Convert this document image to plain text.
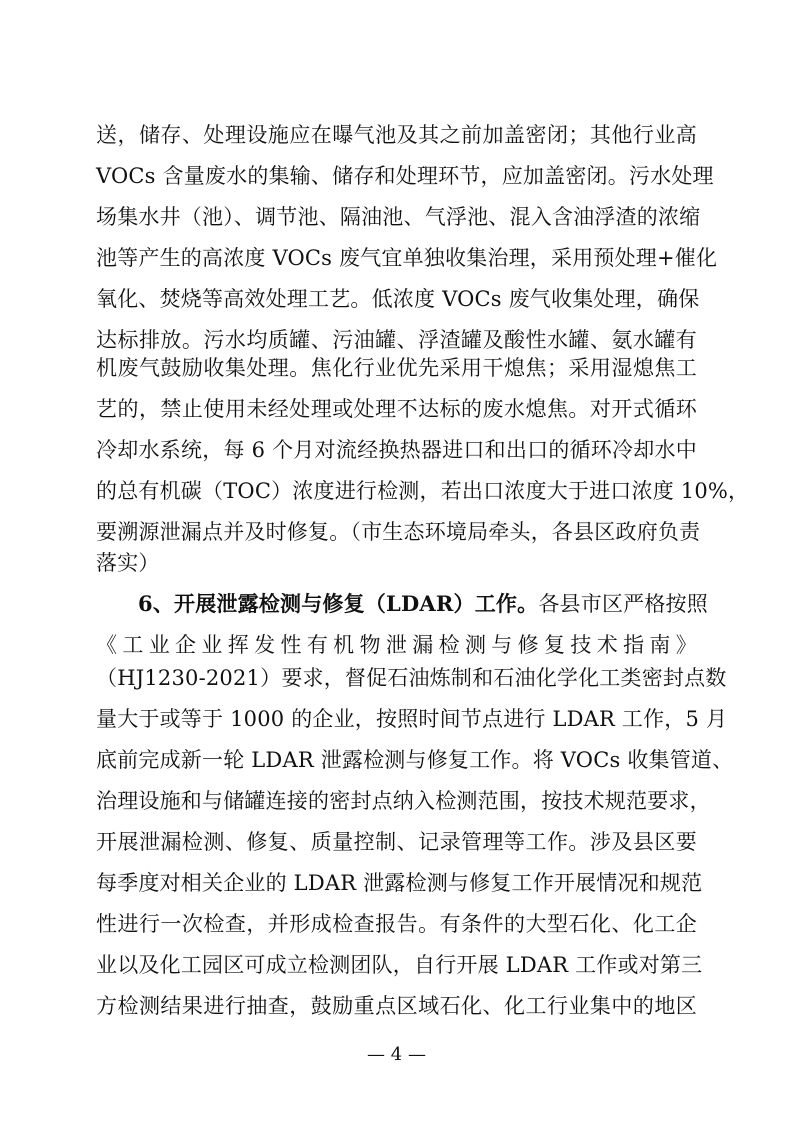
送，储存、处理设施应在曝气池及其之前加盖密闭；其他行业高
VOCs 含量废水的集输、储存和处理环节，应加盖密闭。污水处理
场集水井（池）、调节池、隔油池、气浮池、混入含油浮渣的浓缩
池等产生的高浓度 VOCs 废气宜单独收集治理，采用预处理+催化
氧化、焚烧等高效处理工艺。低浓度 VOCs 废气收集处理，确保
达标排放。污水均质罐、污油罐、浮渣罐及酸性水罐、氨水罐有
机废气鼓励收集处理。焦化行业优先采用干熄焦；采用湿熄焦工
艺的，禁止使用未经处理或处理不达标的废水熄焦。对开式循环
冷却水系统，每 6 个月对流经换热器进口和出口的循环冷却水中
的总有机碳（TOC）浓度进行检测，若出口浓度大于进口浓度 10%，
要溯源泄漏点并及时修复。（市生态环境局牵头，各县区政府负责
落实）
6、开展泄露检测与修复（LDAR）工作。各县市区严格按照
《工业企业挥发性有机物泄漏检测与修复技术指南》
（HJ1230-2021）要求，督促石油炼制和石油化学化工类密封点数
量大于或等于 1000 的企业，按照时间节点进行 LDAR 工作，5 月
底前完成新一轮 LDAR 泄露检测与修复工作。将 VOCs 收集管道、
治理设施和与储罐连接的密封点纳入检测范围，按技术规范要求，
开展泄漏检测、修复、质量控制、记录管理等工作。涉及县区要
每季度对相关企业的 LDAR 泄露检测与修复工作开展情况和规范
性进行一次检查，并形成检查报告。有条件的大型石化、化工企
业以及化工园区可成立检测团队，自行开展 LDAR 工作或对第三
方检测结果进行抽查，鼓励重点区域石化、化工行业集中的地区
— 4 —
